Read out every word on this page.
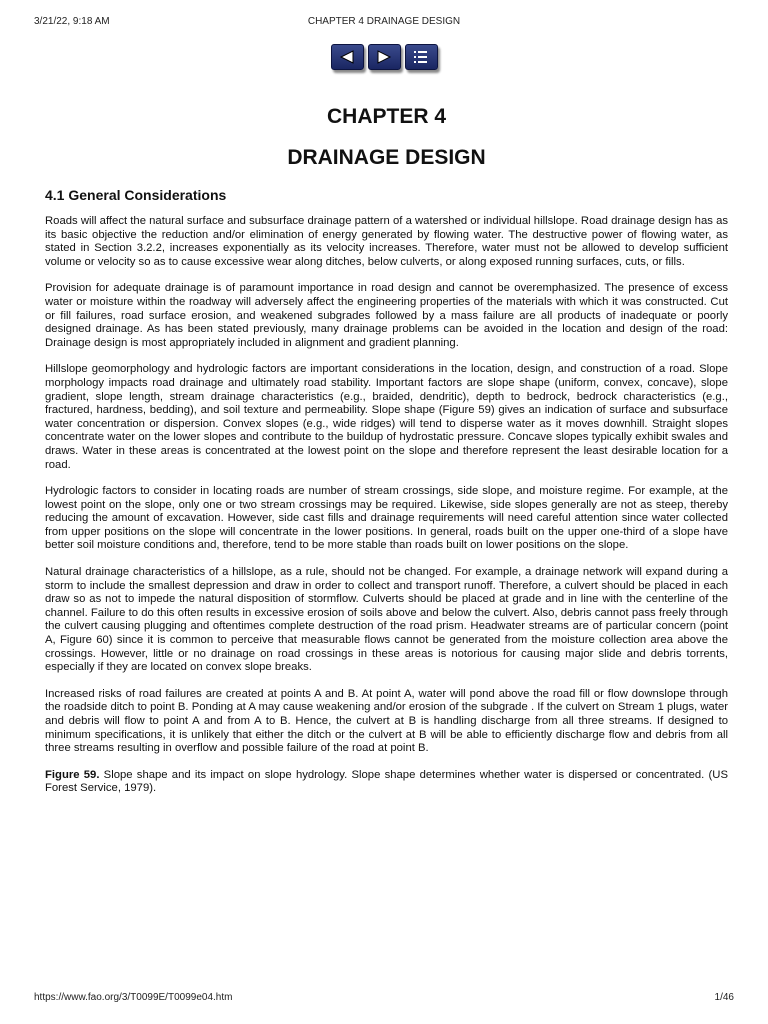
3/21/22, 9:18 AM	CHAPTER 4 DRAINAGE DESIGN
CHAPTER 4
DRAINAGE DESIGN
4.1 General Considerations

Roads will affect the natural surface and subsurface drainage pattern of a watershed or individual hillslope. Road drainage design has as its basic objective the reduction and/or elimination of energy generated by flowing water. The destructive power of flowing water, as stated in Section 3.2.2, increases exponentially as its velocity increases. Therefore, water must not be allowed to develop sufficient volume or velocity so as to cause excessive wear along ditches, below culverts, or along exposed running surfaces, cuts, or fills.

Provision for adequate drainage is of paramount importance in road design and cannot be overemphasized. The presence of excess water or moisture within the roadway will adversely affect the engineering properties of the materials with which it was constructed. Cut or fill failures, road surface erosion, and weakened subgrades followed by a mass failure are all products of inadequate or poorly designed drainage. As has been stated previously, many drainage problems can be avoided in the location and design of the road: Drainage design is most appropriately included in alignment and gradient planning.

Hillslope geomorphology and hydrologic factors are important considerations in the location, design, and construction of a road. Slope morphology impacts road drainage and ultimately road stability. Important factors are slope shape (uniform, convex, concave), slope gradient, slope length, stream drainage characteristics (e.g., braided, dendritic), depth to bedrock, bedrock characteristics (e.g., fractured, hardness, bedding), and soil texture and permeability. Slope shape (Figure 59) gives an indication of surface and subsurface water concentration or dispersion. Convex slopes (e.g., wide ridges) will tend to disperse water as it moves downhill. Straight slopes concentrate water on the lower slopes and contribute to the buildup of hydrostatic pressure. Concave slopes typically exhibit swales and draws. Water in these areas is concentrated at the lowest point on the slope and therefore represent the least desirable location for a road.

Hydrologic factors to consider in locating roads are number of stream crossings, side slope, and moisture regime. For example, at the lowest point on the slope, only one or two stream crossings may be required. Likewise, side slopes generally are not as steep, thereby reducing the amount of excavation. However, side cast fills and drainage requirements will need careful attention since water collected from upper positions on the slope will concentrate in the lower positions. In general, roads built on the upper one-third of a slope have better soil moisture conditions and, therefore, tend to be more stable than roads built on lower positions on the slope.

Natural drainage characteristics of a hillslope, as a rule, should not be changed. For example, a drainage network will expand during a storm to include the smallest depression and draw in order to collect and transport runoff. Therefore, a culvert should be placed in each draw so as not to impede the natural disposition of stormflow. Culverts should be placed at grade and in line with the centerline of the channel. Failure to do this often results in excessive erosion of soils above and below the culvert. Also, debris cannot pass freely through the culvert causing plugging and oftentimes complete destruction of the road prism. Headwater streams are of particular concern (point A, Figure 60) since it is common to perceive that measurable flows cannot be generated from the moisture collection area above the crossings. However, little or no drainage on road crossings in these areas is notorious for causing major slide and debris torrents, especially if they are located on convex slope breaks.

Increased risks of road failures are created at points A and B. At point A, water will pond above the road fill or flow downslope through the roadside ditch to point B. Ponding at A may cause weakening and/or erosion of the subgrade . If the culvert on Stream 1 plugs, water and debris will flow to point A and from A to B. Hence, the culvert at B is handling discharge from all three streams. If designed to minimum specifications, it is unlikely that either the ditch or the culvert at B will be able to efficiently discharge flow and debris from all three streams resulting in overflow and possible failure of the road at point B.

Figure 59. Slope shape and its impact on slope hydrology. Slope shape determines whether water is dispersed or concentrated. (US Forest Service, 1979).

https://www.fao.org/3/T0099E/T0099e04.htm	1/46
